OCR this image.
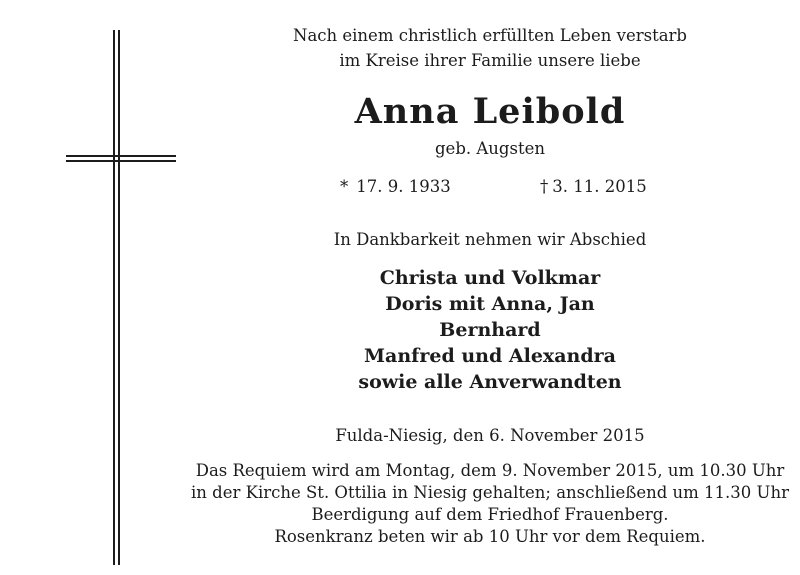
Nach einem christlich erfüllten Leben verstarb
im Kreise ihrer Familie unsere liebe
Anna Leibold
geb. Augsten
* 17. 9. 1933	† 3. 11. 2015
In Dankbarkeit nehmen wir Abschied
Christa und Volkmar
Doris mit Anna, Jan
Bernhard
Manfred und Alexandra
sowie alle Anverwandten
Fulda-Niesig, den 6. November 2015
Das Requiem wird am Montag, dem 9. November 2015, um 10.30 Uhr
in der Kirche St. Ottilia in Niesig gehalten; anschließend um 11.30 Uhr
Beerdigung auf dem Friedhof Frauenberg.
Rosenkranz beten wir ab 10 Uhr vor dem Requiem.
